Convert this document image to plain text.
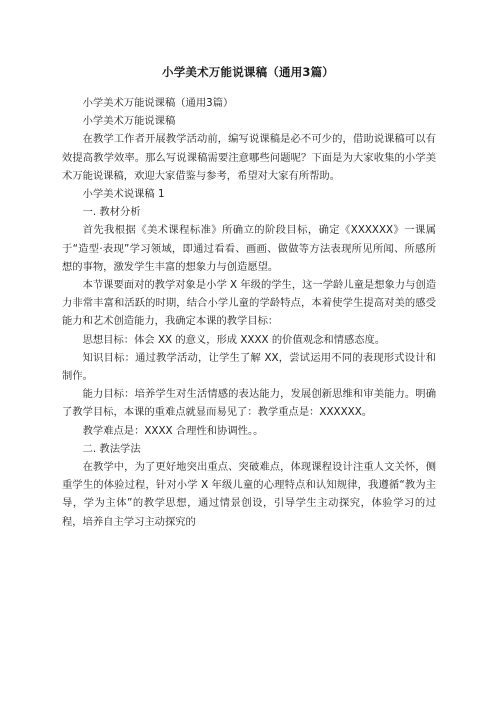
小学美术万能说课稿（通用3篇）

小学美术万能说课稿（通用3篇）

小学美术万能说课稿

在教学工作者开展教学活动前，编写说课稿是必不可少的，借助说课稿可以有效提高教学效率。那么写说课稿需要注意哪些问题呢？下面是为大家收集的小学美术万能说课稿，欢迎大家借鉴与参考，希望对大家有所帮助。

小学美术说课稿 1

一. 教材分析

首先我根据《美术课程标准》所确立的阶段目标，确定《XXXXXX》一课属于“造型·表现”学习领域，即通过看看、画画、做做等方法表现所见所闻、所感所想的事物，激发学生丰富的想象力与创造愿望。

本节课要面对的教学对象是小学 X 年级的学生，这一学龄儿童是想象力与创造力非常丰富和活跃的时期，结合小学儿童的学龄特点，本着使学生提高对美的感受能力和艺术创造能力，我确定本课的教学目标：

思想目标：体会 XX 的意义，形成 XXXX 的价值观念和情感态度。

知识目标：通过教学活动，让学生了解 XX，尝试运用不同的表现形式设计和制作。

能力目标：培养学生对生活情感的表达能力，发展创新思维和审美能力。明确了教学目标，本课的重难点就显而易见了：教学重点是：XXXXXX。

教学难点是：XXXX 合理性和协调性。。

二. 教法学法

在教学中，为了更好地突出重点、突破难点，体现课程设计注重人文关怀，侧重学生的体验过程，针对小学 X 年级儿童的心理特点和认知规律，我遵循“教为主导，学为主体”的教学思想，通过情景创设，引导学生主动探究，体验学习的过程，培养自主学习主动探究的
